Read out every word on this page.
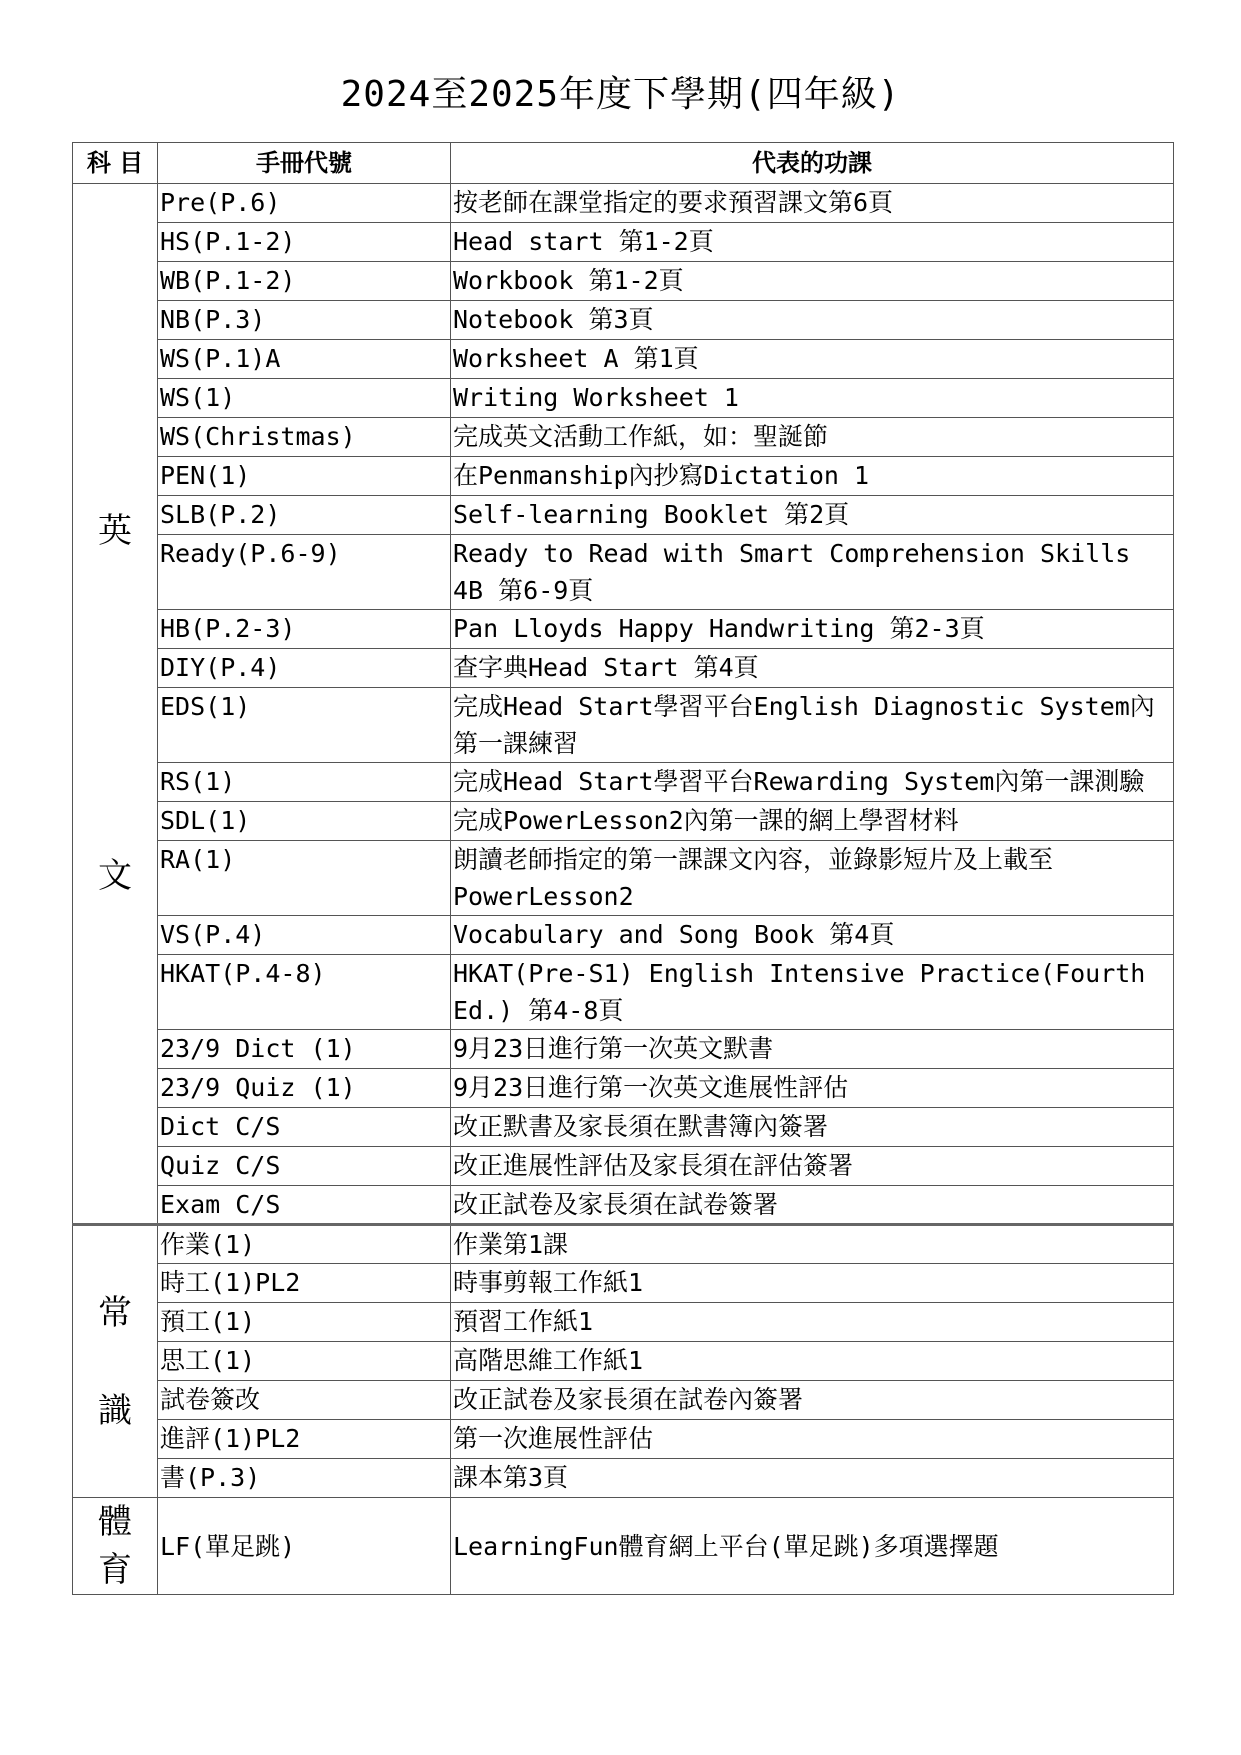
2024至2025年度下學期(四年級)
科 目	手冊代號	代表的功課

英
文	Pre(P.6)	按老師在課堂指定的要求預習課文第6頁
	HS(P.1-2)	Head start 第1-2頁
	WB(P.1-2)	Workbook 第1-2頁
	NB(P.3)	Notebook 第3頁
	WS(P.1)A	Worksheet A 第1頁
	WS(1)	Writing Worksheet 1
	WS(Christmas)	完成英文活動工作紙，如：聖誕節
	PEN(1)	在Penmanship內抄寫Dictation 1
	SLB(P.2)	Self-learning Booklet 第2頁
	Ready(P.6-9)	Ready to Read with Smart Comprehension Skills 4B 第6-9頁
	HB(P.2-3)	Pan Lloyds Happy Handwriting 第2-3頁
	DIY(P.4)	查字典Head Start 第4頁
	EDS(1)	完成Head Start學習平台English Diagnostic System內第一課練習
	RS(1)	完成Head Start學習平台Rewarding System內第一課測驗
	SDL(1)	完成PowerLesson2內第一課的網上學習材料
	RA(1)	朗讀老師指定的第一課課文內容，並錄影短片及上載至PowerLesson2
	VS(P.4)	Vocabulary and Song Book 第4頁
	HKAT(P.4-8)	HKAT(Pre-S1) English Intensive Practice(Fourth Ed.) 第4-8頁
	23/9 Dict (1)	9月23日進行第一次英文默書
	23/9 Quiz (1)	9月23日進行第一次英文進展性評估
	Dict C/S	改正默書及家長須在默書簿內簽署
	Quiz C/S	改正進展性評估及家長須在評估簽署
	Exam C/S	改正試卷及家長須在試卷簽署

常
識	作業(1)	作業第1課
	時工(1)PL2	時事剪報工作紙1
	預工(1)	預習工作紙1
	思工(1)	高階思維工作紙1
	試卷簽改	改正試卷及家長須在試卷內簽署
	進評(1)PL2	第一次進展性評估
	書(P.3)	課本第3頁

體
育	LF(單足跳)	LearningFun體育網上平台(單足跳)多項選擇題
